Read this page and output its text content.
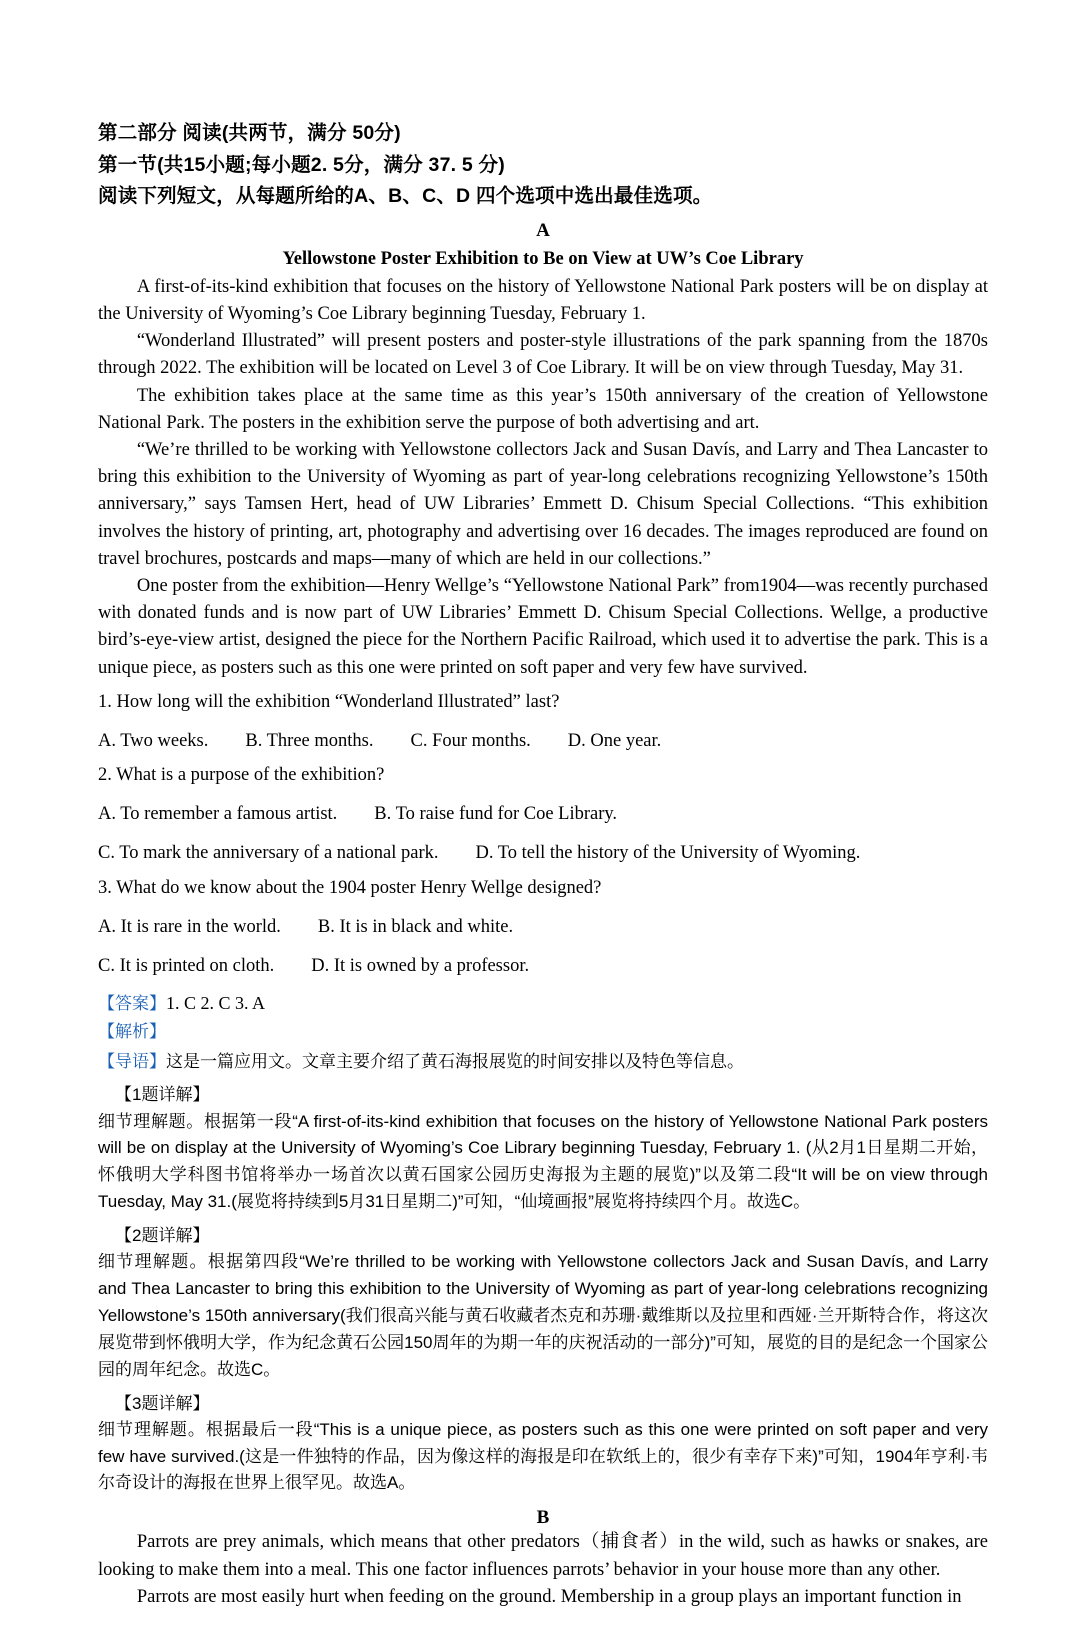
第二部分 阅读(共两节，满分 50分)
第一节(共15小题;每小题2. 5分，满分 37. 5 分)
阅读下列短文，从每题所给的A、B、C、D 四个选项中选出最佳选项。
A
Yellowstone Poster Exhibition to Be on View at UW’s Coe Library

A first-of-its-kind exhibition that focuses on the history of Yellowstone National Park posters will be on display at the University of Wyoming’s Coe Library beginning Tuesday, February 1.

“Wonderland Illustrated” will present posters and poster-style illustrations of the park spanning from the 1870s through 2022. The exhibition will be located on Level 3 of Coe Library. It will be on view through Tuesday, May 31.

The exhibition takes place at the same time as this year’s 150th anniversary of the creation of Yellowstone National Park. The posters in the exhibition serve the purpose of both advertising and art.

“We’re thrilled to be working with Yellowstone collectors Jack and Susan Davís, and Larry and Thea Lancaster to bring this exhibition to the University of Wyoming as part of year-long celebrations recognizing Yellowstone’s 150th anniversary,” says Tamsen Hert, head of UW Libraries’ Emmett D. Chisum Special Collections. “This exhibition involves the history of printing, art, photography and advertising over 16 decades. The images reproduced are found on travel brochures, postcards and maps—many of which are held in our collections.”

One poster from the exhibition—Henry Wellge’s “Yellowstone National Park” from1904—was recently purchased with donated funds and is now part of UW Libraries’ Emmett D. Chisum Special Collections. Wellge, a productive bird’s-eye-view artist, designed the piece for the Northern Pacific Railroad, which used it to advertise the park. This is a unique piece, as posters such as this one were printed on soft paper and very few have survived.

1. How long will the exhibition “Wonderland Illustrated” last?
A. Two weeks.        B. Three months.        C. Four months.        D. One year.
2. What is a purpose of the exhibition?
A. To remember a famous artist.        B. To raise fund for Coe Library.
C. To mark the anniversary of a national park.        D. To tell the history of the University of Wyoming.
3. What do we know about the 1904 poster Henry Wellge designed?
A. It is rare in the world.        B. It is in black and white.
C. It is printed on cloth.        D. It is owned by a professor.
【答案】1. C 2. C 3. A
【解析】
【导语】这是一篇应用文。文章主要介绍了黄石海报展览的时间安排以及特色等信息。
【1题详解】
细节理解题。根据第一段“A first-of-its-kind exhibition that focuses on the history of Yellowstone National Park posters will be on display at the University of Wyoming’s Coe Library beginning Tuesday, February 1. (从2月1日星期二开始，怀俄明大学科图书馆将举办一场首次以黄石国家公园历史海报为主题的展览)”以及第二段“It will be on view through Tuesday, May 31.(展览将持续到5月31日星期二)”可知，“仙境画报”展览将持续四个月。故选C。
【2题详解】
细节理解题。根据第四段“We’re thrilled to be working with Yellowstone collectors Jack and Susan Davís, and Larry and Thea Lancaster to bring this exhibition to the University of Wyoming as part of year-long celebrations recognizing Yellowstone’s 150th anniversary(我们很高兴能与黄石收藏者杰克和苏珊·戴维斯以及拉里和西娅·兰开斯特合作，将这次展览带到怀俄明大学，作为纪念黄石公园150周年的为期一年的庆祝活动的一部分)”可知，展览的目的是纪念一个国家公园的周年纪念。故选C。
【3题详解】
细节理解题。根据最后一段“This is a unique piece, as posters such as this one were printed on soft paper and very few have survived.(这是一件独特的作品，因为像这样的海报是印在软纸上的，很少有幸存下来)”可知，1904年亨利·韦尔奇设计的海报在世界上很罕见。故选A。
B

Parrots are prey animals, which means that other predators（捕食者）in the wild, such as hawks or snakes, are looking to make them into a meal. This one factor influences parrots’ behavior in your house more than any other.

Parrots are most easily hurt when feeding on the ground. Membership in a group plays an important function in
